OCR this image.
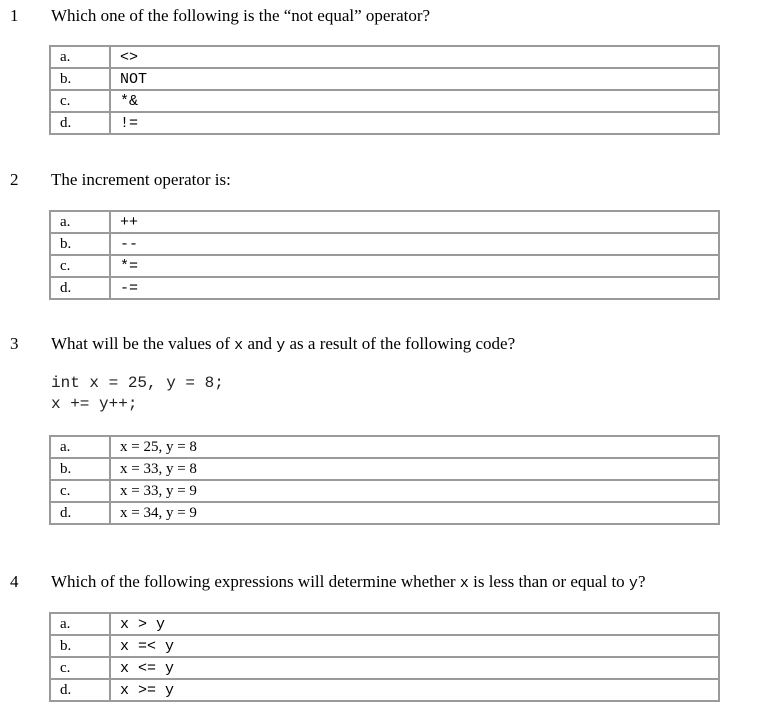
1 Which one of the following is the “not equal” operator?
a.	<>
b.	NOT
c.	*&
d.	!=
2 The increment operator is:
a.	++
b.	--
c.	*=
d.	-=
3 What will be the values of x and y as a result of the following code?
int x = 25, y = 8;
x += y++;
a.	x = 25, y = 8
b.	x = 33, y = 8
c.	x = 33, y = 9
d.	x = 34, y = 9
4 Which of the following expressions will determine whether x is less than or equal to y?
a.	x > y
b.	x =< y
c.	x <= y
d.	x >= y
